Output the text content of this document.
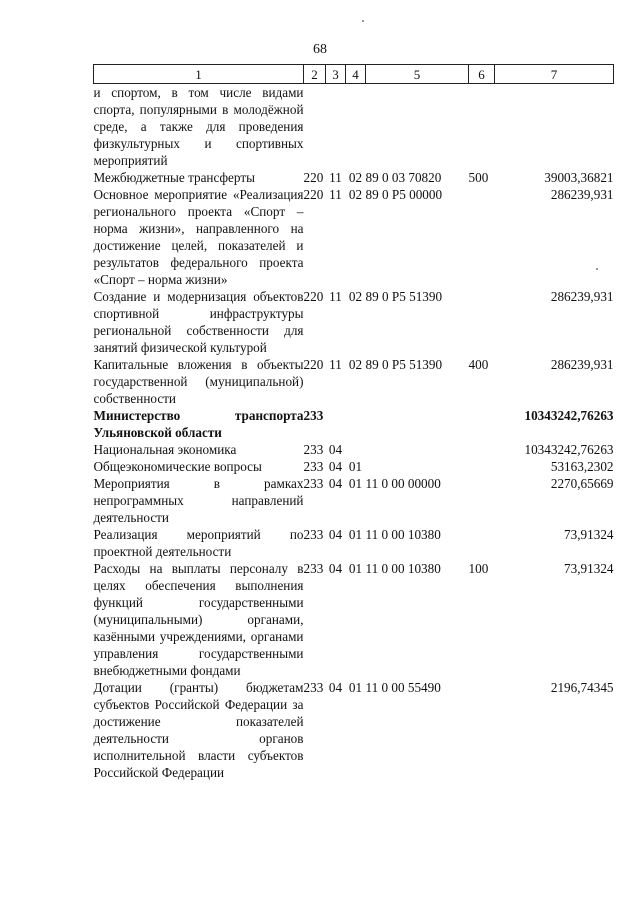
68
1	2	3	4	5	6	7
и спортом, в том числе видами спорта, популярными в молодёжной среде, а также для проведения физкультурных и спортивных мероприятий						
Межбюджетные трансферты	220	11	02	89 0 03 70820	500	39003,36821
Основное мероприятие «Реализация регионального проекта «Спорт – норма жизни», направленного на достижение целей, показателей и результатов федерального проекта «Спорт – норма жизни»	220	11	02	89 0 P5 00000		286239,931
Создание и модернизация объектов спортивной инфраструктуры региональной собственности для занятий физической культурой	220	11	02	89 0 P5 51390		286239,931
Капитальные вложения в объекты государственной (муниципальной) собственности	220	11	02	89 0 P5 51390	400	286239,931
Министерство транспорта Ульяновской области	233					10343242,76263
Национальная экономика	233	04				10343242,76263
Общеэкономические вопросы	233	04	01			53163,2302
Мероприятия в рамках непрограммных направлений деятельности	233	04	01	11 0 00 00000		2270,65669
Реализация мероприятий по проектной деятельности	233	04	01	11 0 00 10380		73,91324
Расходы на выплаты персоналу в целях обеспечения выполнения функций государственными (муниципальными) органами, казёнными учреждениями, органами управления государственными внебюджетными фондами	233	04	01	11 0 00 10380	100	73,91324
Дотации (гранты) бюджетам субъектов Российской Федерации за достижение показателей деятельности органов исполнительной власти субъектов Российской Федерации	233	04	01	11 0 00 55490		2196,74345
